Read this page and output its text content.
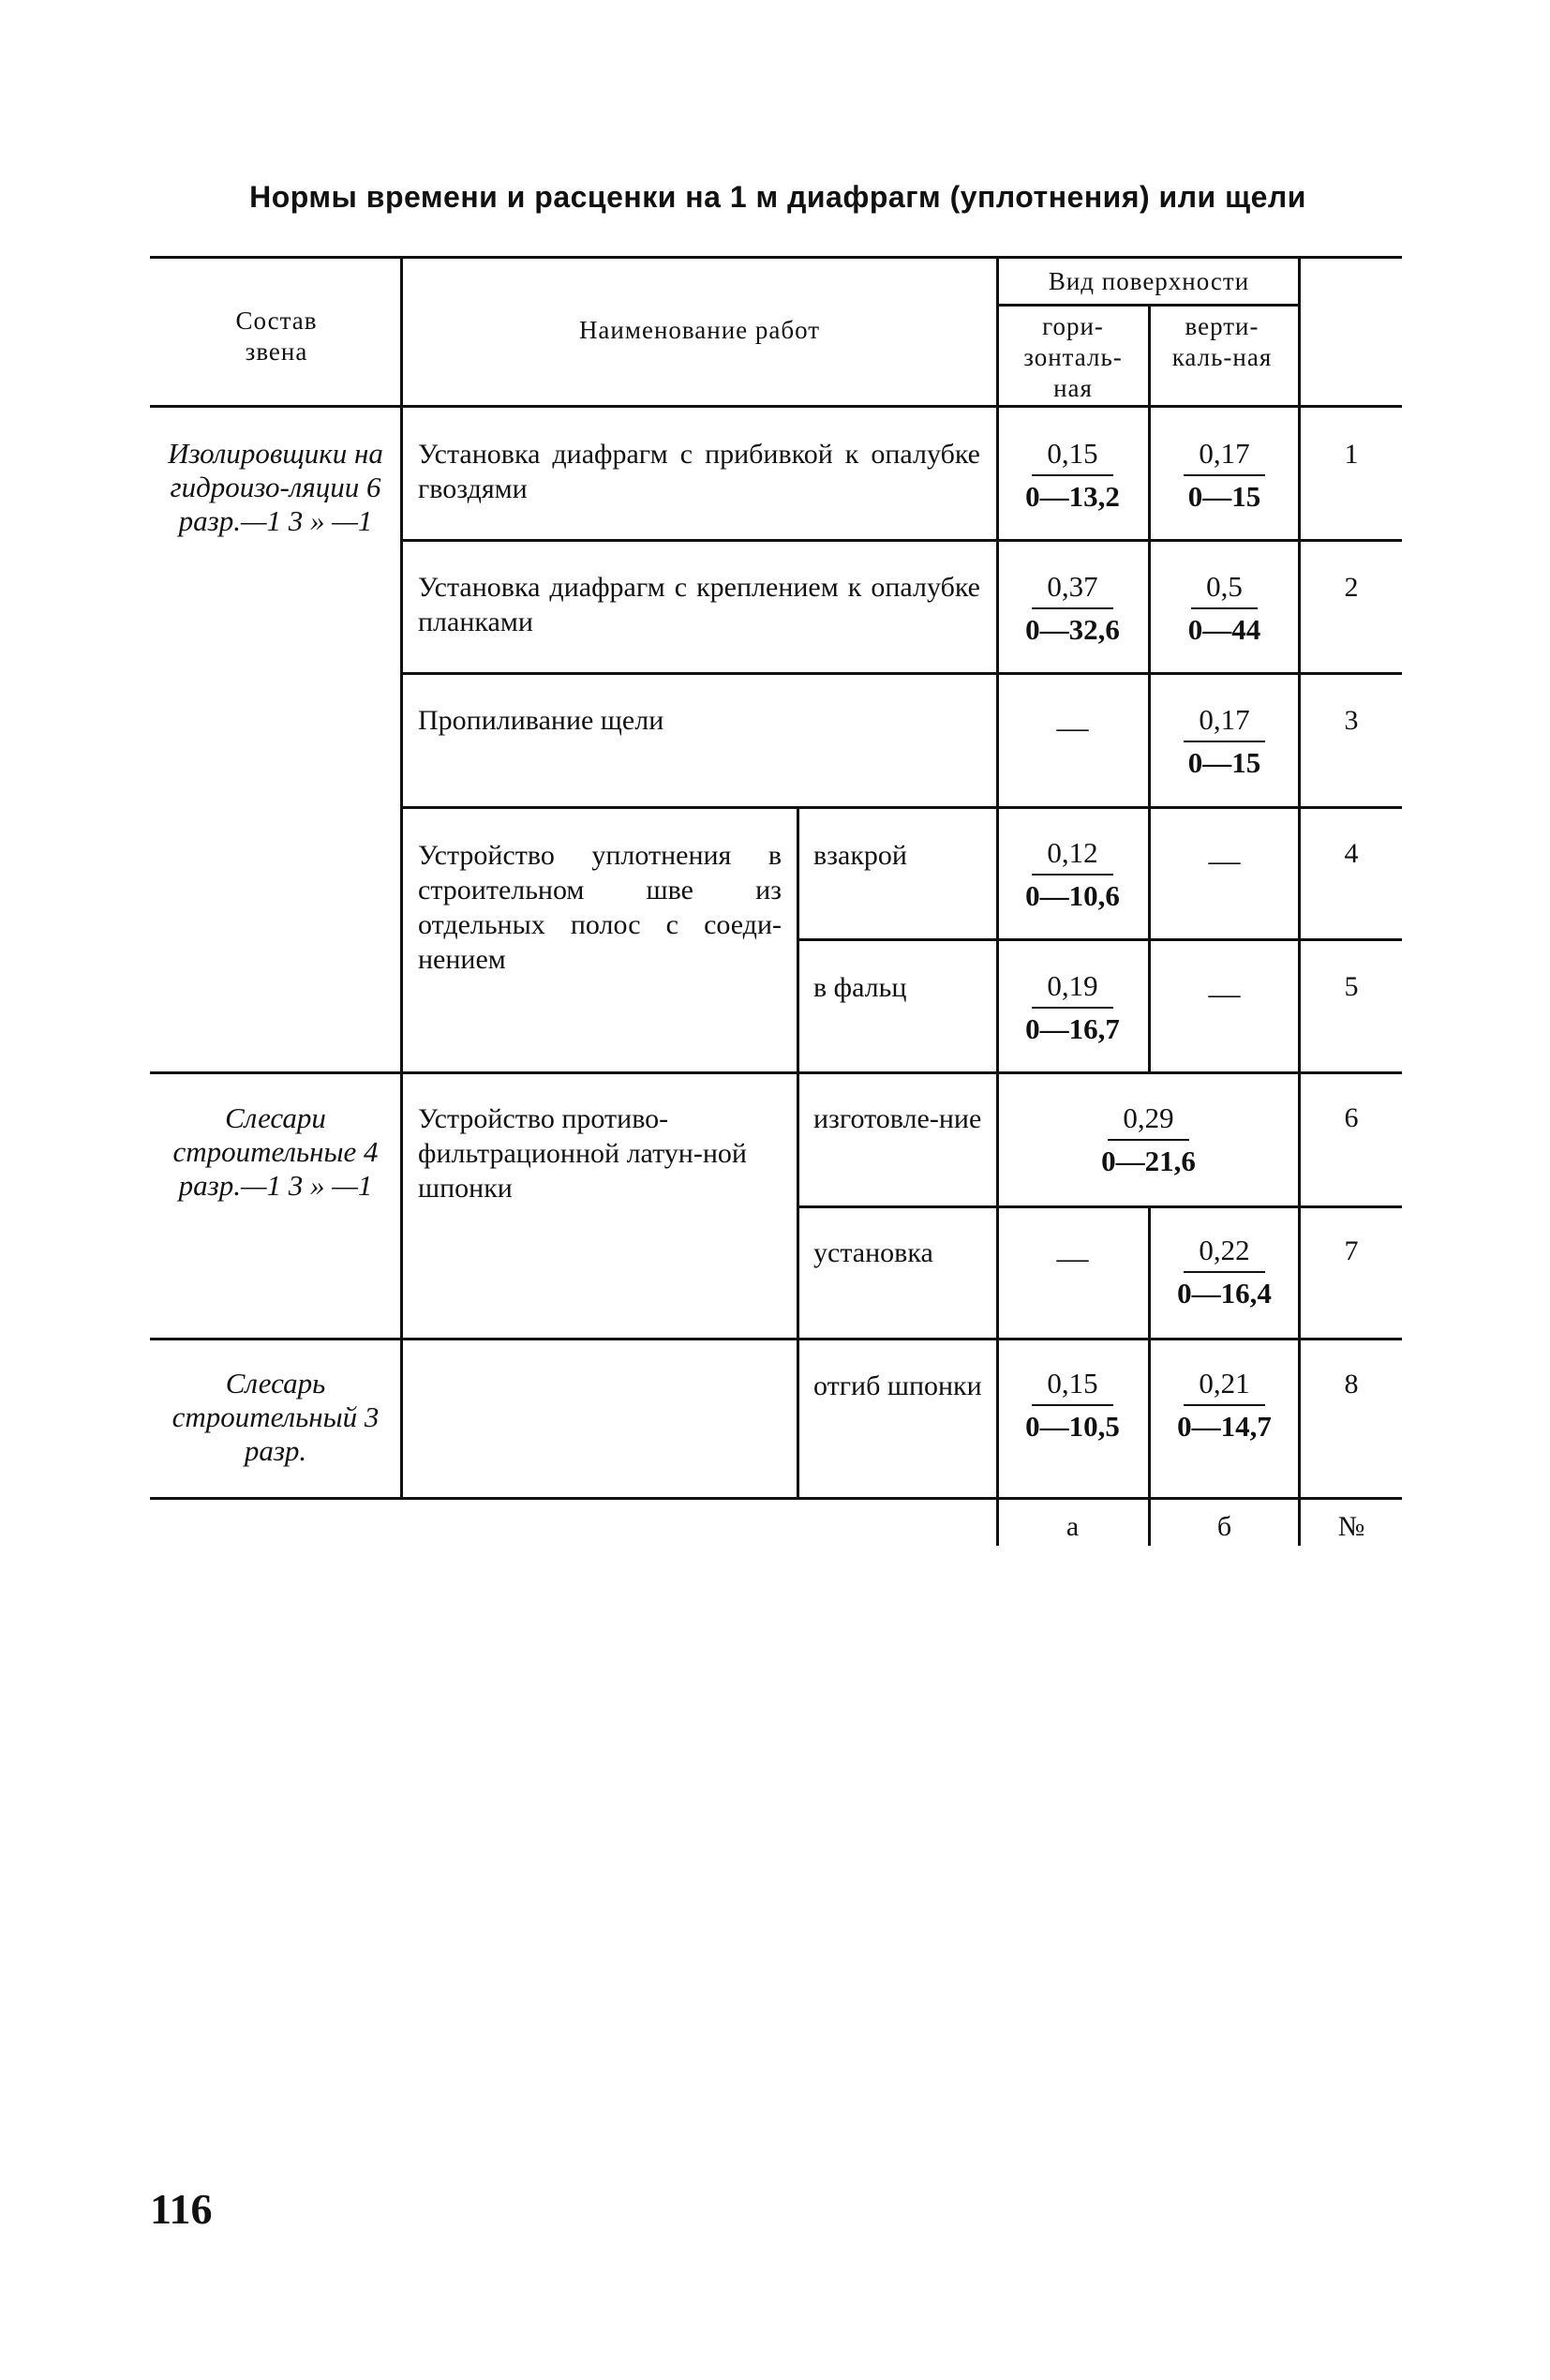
Нормы времени и расценки на 1 м диафрагм (уплотнения) или щели
Состав звена
Наименование работ
Вид поверхности
гори-зонталь-ная
верти-каль-ная
Изолировщики на гидроизо-ляции 6 разр.—1 3 » —1
Слесари строительные 4 разр.—1 3 » —1
Слесарь строительный 3 разр.
Установка диафрагм с прибивкой к опалубке гвоздями
Установка диафрагм с креплением к опалубке планками
Пропиливание щели
Устройство уплотнения в строительном шве из отдельных полос с соеди-нением
Устройство противо-фильтрационной латун-ной шпонки
взакрой
в фальц
изготовле-ние
установка
отгиб шпонки
0,15
0—13,2
0,37
0—32,6
—
0,12
0—10,6
0,19
0—16,7
0,29
0—21,6
—
0,15
0—10,5
0,17
0—15
0,5
0—44
0,17
0—15
—
—
0,22
0—16,4
0,21
0—14,7
1
2
3
4
5
6
7
8
а	б	№
116
